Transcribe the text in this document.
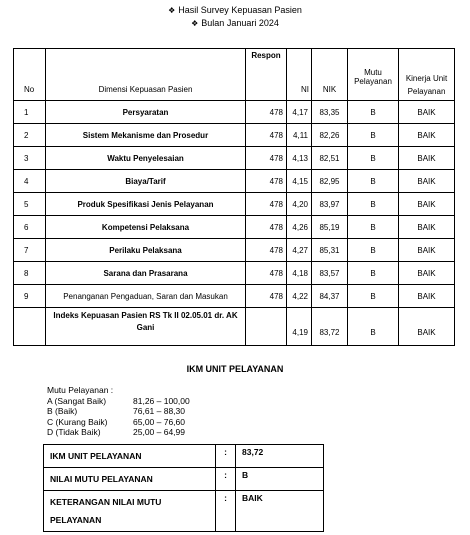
❖ Hasil Survey Kepuasan Pasien
❖ Bulan Januari 2024
No	Dimensi Kepuasan Pasien	Respon	NI	NIK	Mutu Pelayanan	Kinerja Unit Pelayanan
1	Persyaratan	478	4,17	83,35	B	BAIK
2	Sistem Mekanisme dan Prosedur	478	4,11	82,26	B	BAIK
3	Waktu Penyelesaian	478	4,13	82,51	B	BAIK
4	Biaya/Tarif	478	4,15	82,95	B	BAIK
5	Produk Spesifikasi Jenis Pelayanan	478	4,20	83,97	B	BAIK
6	Kompetensi Pelaksana	478	4,26	85,19	B	BAIK
7	Perilaku Pelaksana	478	4,27	85,31	B	BAIK
8	Sarana dan Prasarana	478	4,18	83,57	B	BAIK
9	Penanganan Pengaduan, Saran dan Masukan	478	4,22	84,37	B	BAIK
	Indeks Kepuasan Pasien RS Tk II 02.05.01 dr. AK Gani		4,19	83,72	B	BAIK
IKM UNIT PELAYANAN
Mutu Pelayanan :
A (Sangat Baik)	81,26 – 100,00
B (Baik)	76,61 – 88,30
C (Kurang Baik)	65,00 – 76,60
D (Tidak Baik)	25,00 – 64,99
IKM UNIT PELAYANAN	:	83,72
NILAI MUTU PELAYANAN	:	B
KETERANGAN NILAI MUTU PELAYANAN	:	BAIK
